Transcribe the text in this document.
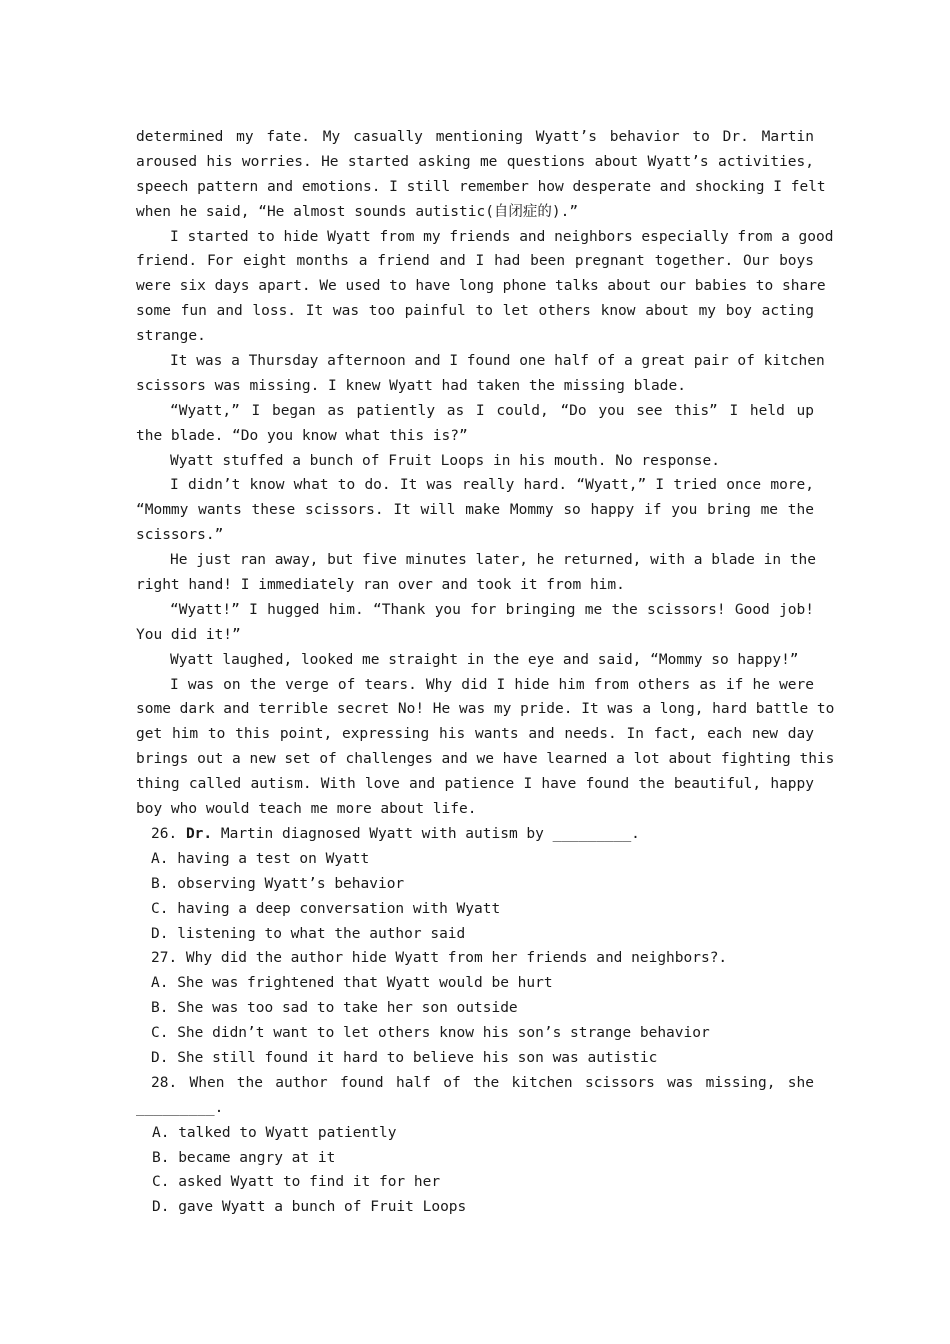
determined my fate. My casually mentioning Wyatt’s behavior to Dr. Martin
aroused his worries. He started asking me questions about Wyatt’s activities,
speech pattern and emotions. I still remember how desperate and shocking I felt
when he said, “He almost sounds autistic(自闭症的).”
I started to hide Wyatt from my friends and neighbors especially from a good
friend. For eight months a friend and I had been pregnant together. Our boys
were six days apart. We used to have long phone talks about our babies to share
some fun and loss. It was too painful to let others know about my boy acting
strange.
It was a Thursday afternoon and I found one half of a great pair of kitchen
scissors was missing. I knew Wyatt had taken the missing blade.
“Wyatt,” I began as patiently as I could, “Do you see this” I held up
the blade. “Do you know what this is?”
Wyatt stuffed a bunch of Fruit Loops in his mouth. No response.
I didn’t know what to do. It was really hard. “Wyatt,” I tried once more,
“Mommy wants these scissors. It will make Mommy so happy if you bring me the
scissors.”
He just ran away, but five minutes later, he returned, with a blade in the
right hand! I immediately ran over and took it from him.
“Wyatt!” I hugged him. “Thank you for bringing me the scissors! Good job!
You did it!”
Wyatt laughed, looked me straight in the eye and said, “Mommy so happy!”
I was on the verge of tears. Why did I hide him from others as if he were
some dark and terrible secret No! He was my pride. It was a long, hard battle to
get him to this point, expressing his wants and needs. In fact, each new day
brings out a new set of challenges and we have learned a lot about fighting this
thing called autism. With love and patience I have found the beautiful, happy
boy who would teach me more about life.
26. Dr. Martin diagnosed Wyatt with autism by _________.
A. having a test on Wyatt
B. observing Wyatt’s behavior
C. having a deep conversation with Wyatt
D. listening to what the author said
27. Why did the author hide Wyatt from her friends and neighbors?.
A. She was frightened that Wyatt would be hurt
B. She was too sad to take her son outside
C. She didn’t want to let others know his son’s strange behavior
D. She still found it hard to believe his son was autistic
28. When the author found half of the kitchen scissors was missing, she
_________.
A. talked to Wyatt patiently
B. became angry at it
C. asked Wyatt to find it for her
D. gave Wyatt a bunch of Fruit Loops
